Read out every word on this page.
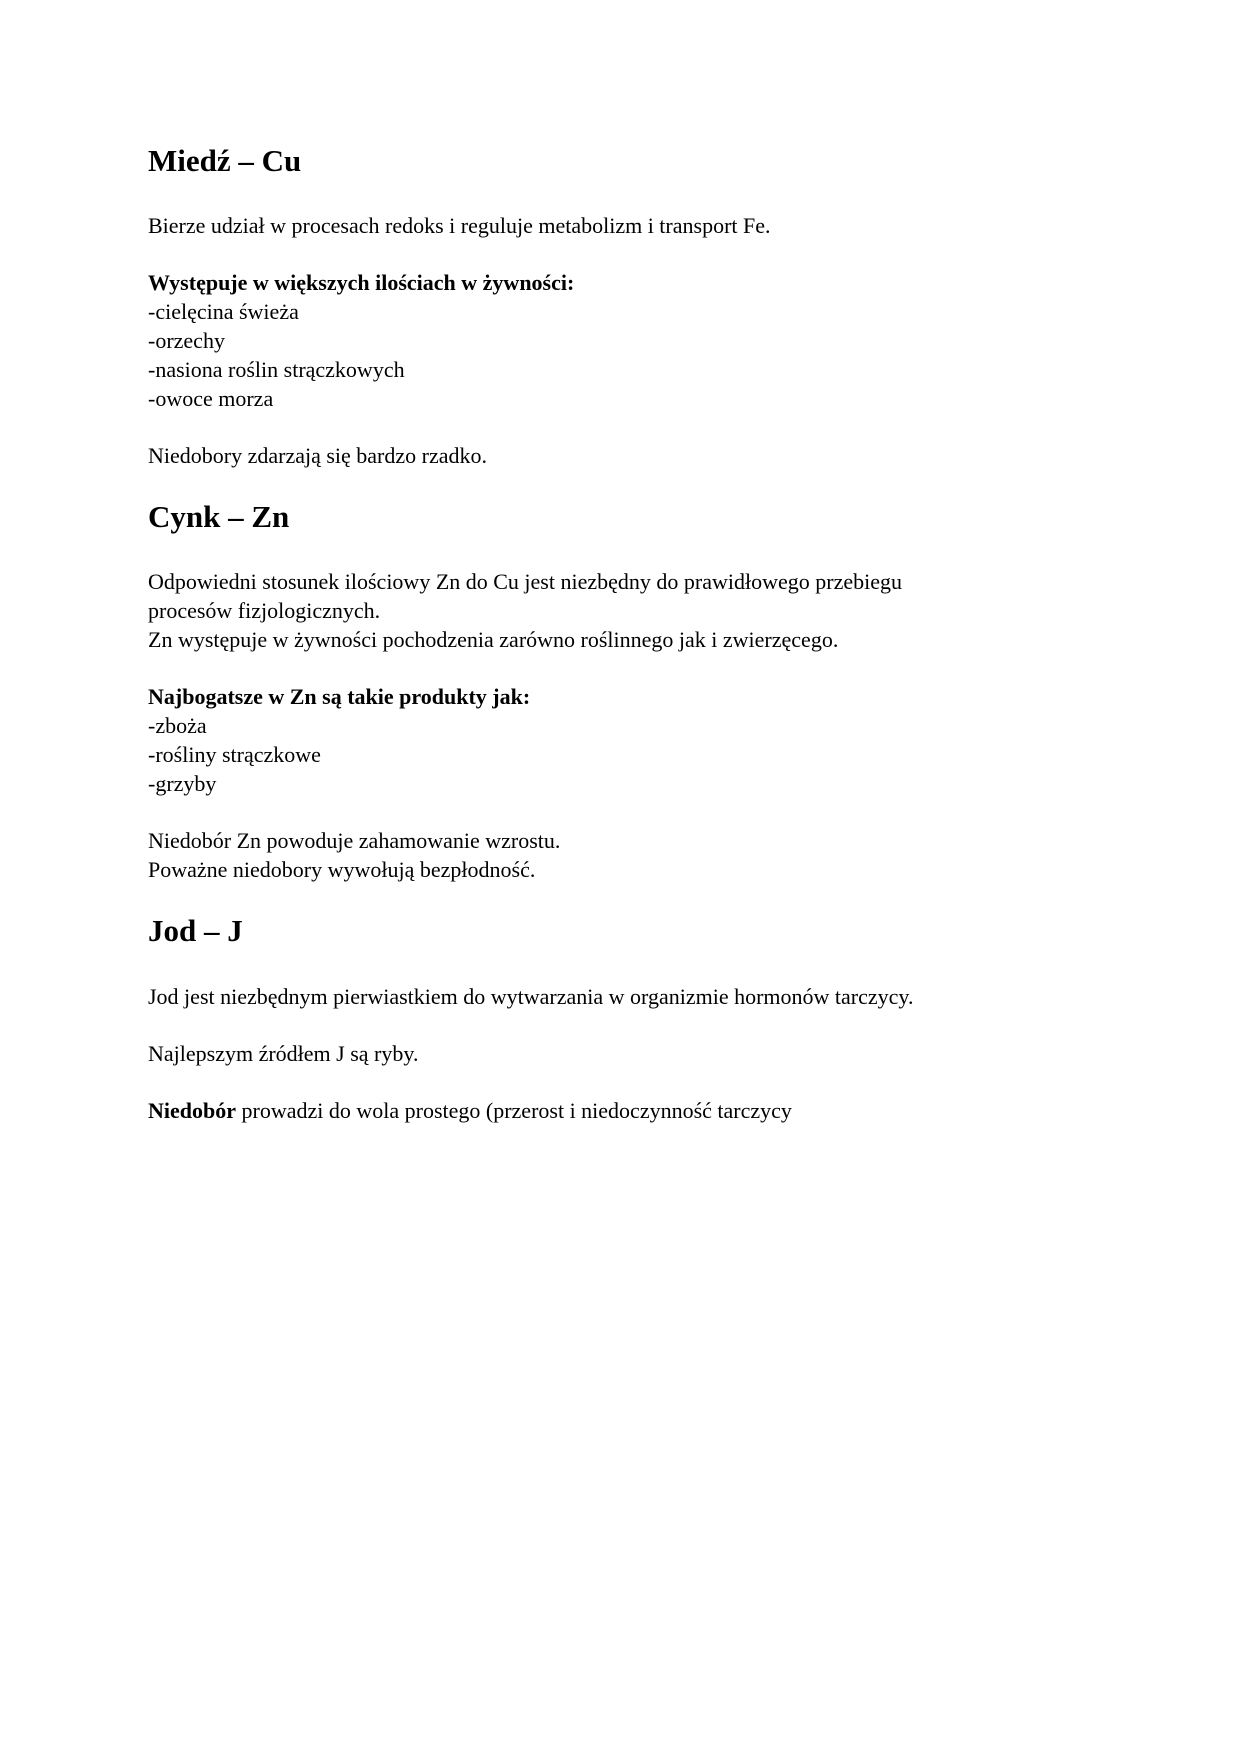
Miedź – Cu

Bierze udział w procesach redoks i reguluje metabolizm i transport Fe.

Występuje w większych ilościach w żywności:
-cielęcina świeża
-orzechy
-nasiona roślin strączkowych
-owoce morza

Niedobory zdarzają się bardzo rzadko.

Cynk – Zn

Odpowiedni stosunek ilościowy Zn do Cu jest niezbędny do prawidłowego przebiegu
procesów fizjologicznych.
Zn występuje w żywności pochodzenia zarówno roślinnego jak i zwierzęcego.

Najbogatsze w Zn są takie produkty jak:
-zboża
-rośliny strączkowe
-grzyby

Niedobór Zn powoduje zahamowanie wzrostu.
Poważne niedobory wywołują bezpłodność.

Jod – J

Jod jest niezbędnym pierwiastkiem do wytwarzania w organizmie hormonów tarczycy.

Najlepszym źródłem J są ryby.

Niedobór prowadzi do wola prostego (przerost i niedoczynność tarczycy
